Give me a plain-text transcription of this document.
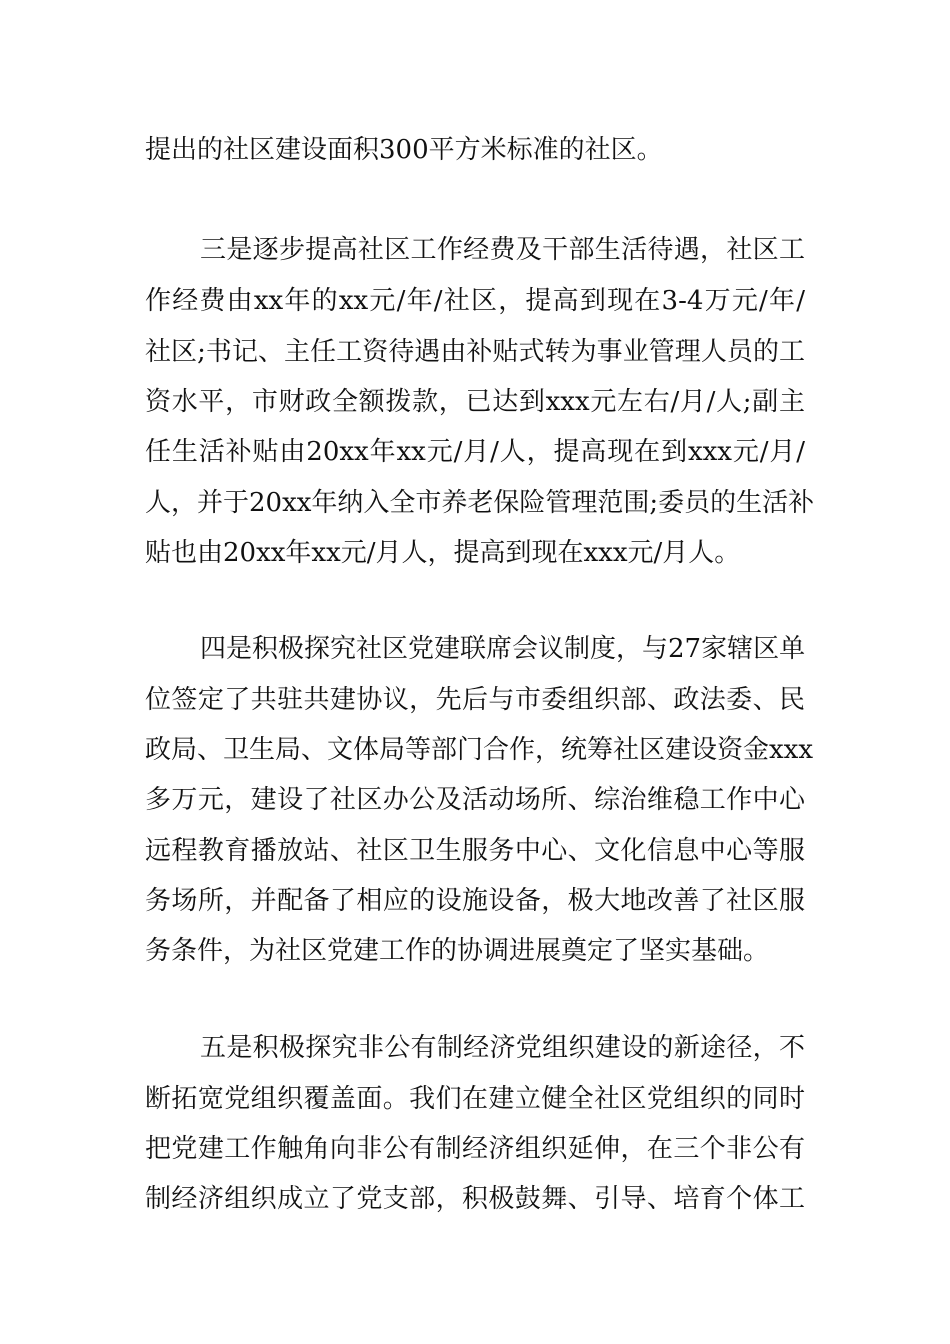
提出的社区建设面积300平方米标准的社区。

三是逐步提高社区工作经费及干部生活待遇，社区工

作经费由xx年的xx元/年/社区，提高到现在3-4万元/年/

社区;书记、主任工资待遇由补贴式转为事业管理人员的工

资水平，市财政全额拨款，已达到xxx元左右/月/人;副主

任生活补贴由20xx年xx元/月/人，提高现在到xxx元/月/

人，并于20xx年纳入全市养老保险管理范围;委员的生活补

贴也由20xx年xx元/月人，提高到现在xxx元/月人。

四是积极探究社区党建联席会议制度，与27家辖区单

位签定了共驻共建协议，先后与市委组织部、政法委、民

政局、卫生局、文体局等部门合作，统筹社区建设资金xxx

多万元，建设了社区办公及活动场所、综治维稳工作中心

远程教育播放站、社区卫生服务中心、文化信息中心等服

务场所，并配备了相应的设施设备，极大地改善了社区服

务条件，为社区党建工作的协调进展奠定了坚实基础。

五是积极探究非公有制经济党组织建设的新途径，不

断拓宽党组织覆盖面。我们在建立健全社区党组织的同时

把党建工作触角向非公有制经济组织延伸，在三个非公有

制经济组织成立了党支部，积极鼓舞、引导、培育个体工
